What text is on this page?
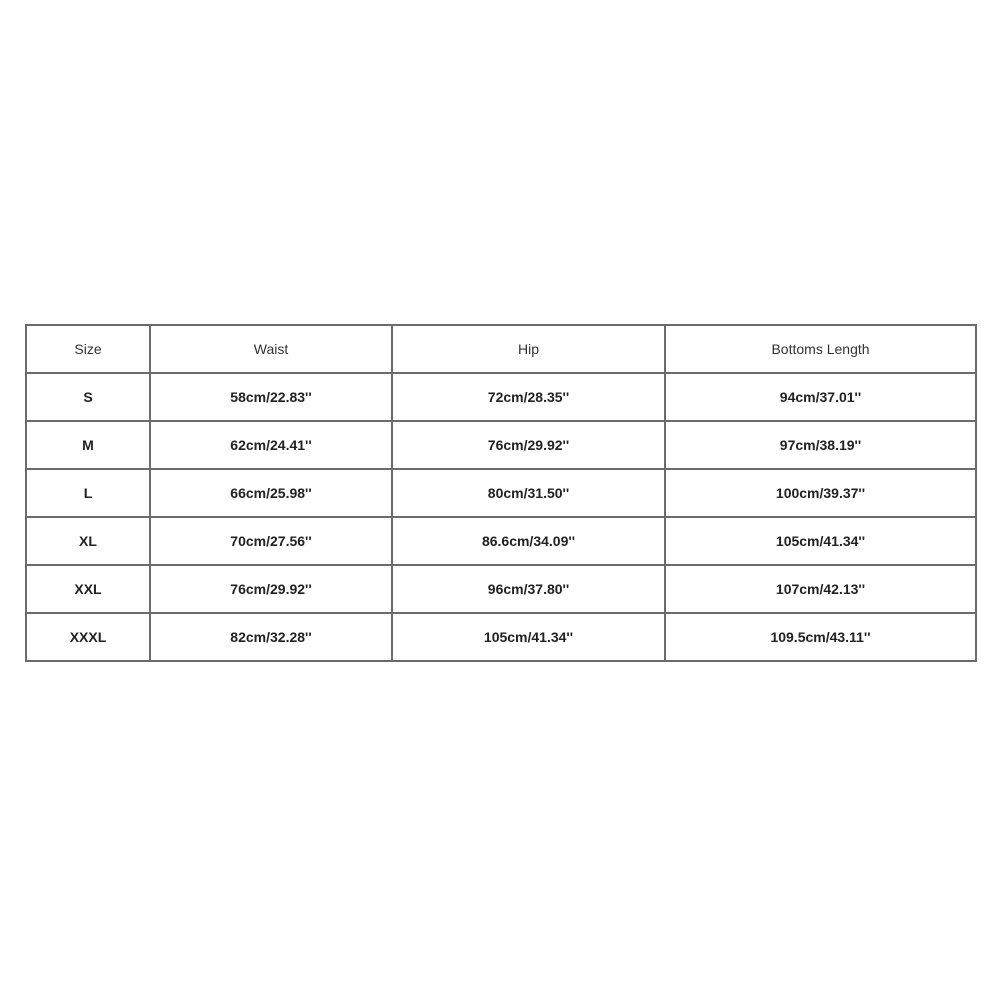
Size	Waist	Hip	Bottoms Length
S	58cm/22.83''	72cm/28.35''	94cm/37.01''
M	62cm/24.41''	76cm/29.92''	97cm/38.19''
L	66cm/25.98''	80cm/31.50''	100cm/39.37''
XL	70cm/27.56''	86.6cm/34.09''	105cm/41.34''
XXL	76cm/29.92''	96cm/37.80''	107cm/42.13''
XXXL	82cm/32.28''	105cm/41.34''	109.5cm/43.11''
